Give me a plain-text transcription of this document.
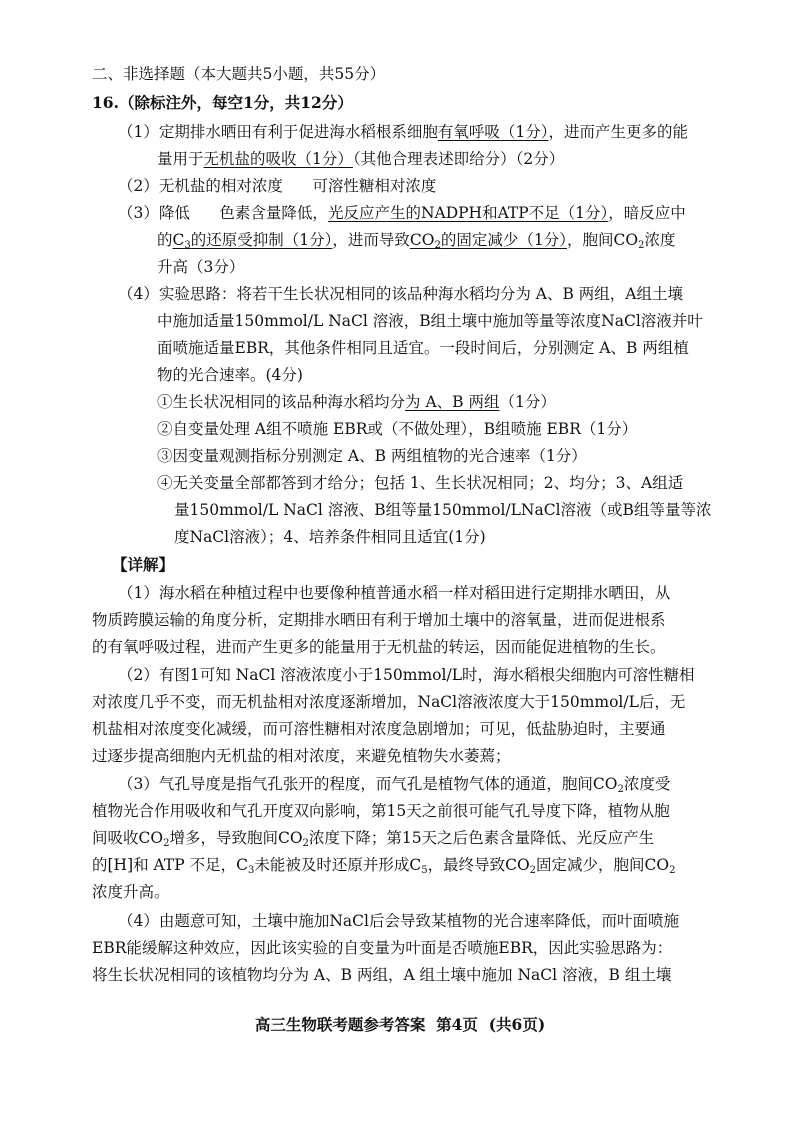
二、非选择题（本大题共5小题，共55分）
16.（除标注外，每空1分，共12分）
（1）定期排水晒田有利于促进海水稻根系细胞有氧呼吸（1分），进而产生更多的能
量用于无机盐的吸收（1分）（其他合理表述即给分）（2分）
（2）无机盐的相对浓度      可溶性糖相对浓度
（3）降低      色素含量降低，光反应产生的NADPH和ATP不足（1分），暗反应中
的$C_3$的还原受抑制（1分），进而导致$CO_2$的固定减少（1分），胞间$CO_2$浓度
升高（3分）
（4）实验思路：将若干生长状况相同的该品种海水稻均分为 A、B 两组，A组土壤
中施加适量150mmol/L NaCl 溶液，B组土壤中施加等量等浓度NaCl溶液并叶
面喷施适量EBR，其他条件相同且适宜。一段时间后，分别测定 A、B 两组植
物的光合速率。(4分)
①生长状况相同的该品种海水稻均分为 A、B 两组（1分）
②自变量处理 A组不喷施 EBR或（不做处理），B组喷施 EBR（1分）
③因变量观测指标分别测定 A、B 两组植物的光合速率（1分）
④无关变量全部都答到才给分；包括 1、生长状况相同；2、均分；3、A组适
量150mmol/L NaCl 溶液、B组等量150mmol/LNaCl溶液（或B组等量等浓
度NaCl溶液）；4、培养条件相同且适宜(1分)
【详解】
（1）海水稻在种植过程中也要像种植普通水稻一样对稻田进行定期排水晒田，从
物质跨膜运输的角度分析，定期排水晒田有利于增加土壤中的溶氧量，进而促进根系
的有氧呼吸过程，进而产生更多的能量用于无机盐的转运，因而能促进植物的生长。
（2）有图1可知 NaCl 溶液浓度小于150mmol/L时，海水稻根尖细胞内可溶性糖相
对浓度几乎不变，而无机盐相对浓度逐渐增加，NaCl溶液浓度大于150mmol/L后，无
机盐相对浓度变化减缓，而可溶性糖相对浓度急剧增加；可见，低盐胁迫时，主要通
过逐步提高细胞内无机盐的相对浓度，来避免植物失水萎蔫；
（3）气孔导度是指气孔张开的程度，而气孔是植物气体的通道，胞间$CO_2$浓度受
植物光合作用吸收和气孔开度双向影响，第15天之前很可能气孔导度下降，植物从胞
间吸收$CO_2$增多，导致胞间$CO_2$浓度下降；第15天之后色素含量降低、光反应产生
的[H]和 ATP 不足，$C_3$未能被及时还原并形成$C_5$，最终导致$CO_2$固定减少，胞间$CO_2$
浓度升高。
（4）由题意可知，土壤中施加NaCl后会导致某植物的光合速率降低，而叶面喷施
EBR能缓解这种效应，因此该实验的自变量为叶面是否喷施EBR，因此实验思路为：
将生长状况相同的该植物均分为 A、B 两组，A 组土壤中施加 NaCl 溶液，B 组土壤
高三生物联考题参考答案  第4页  (共6页)
